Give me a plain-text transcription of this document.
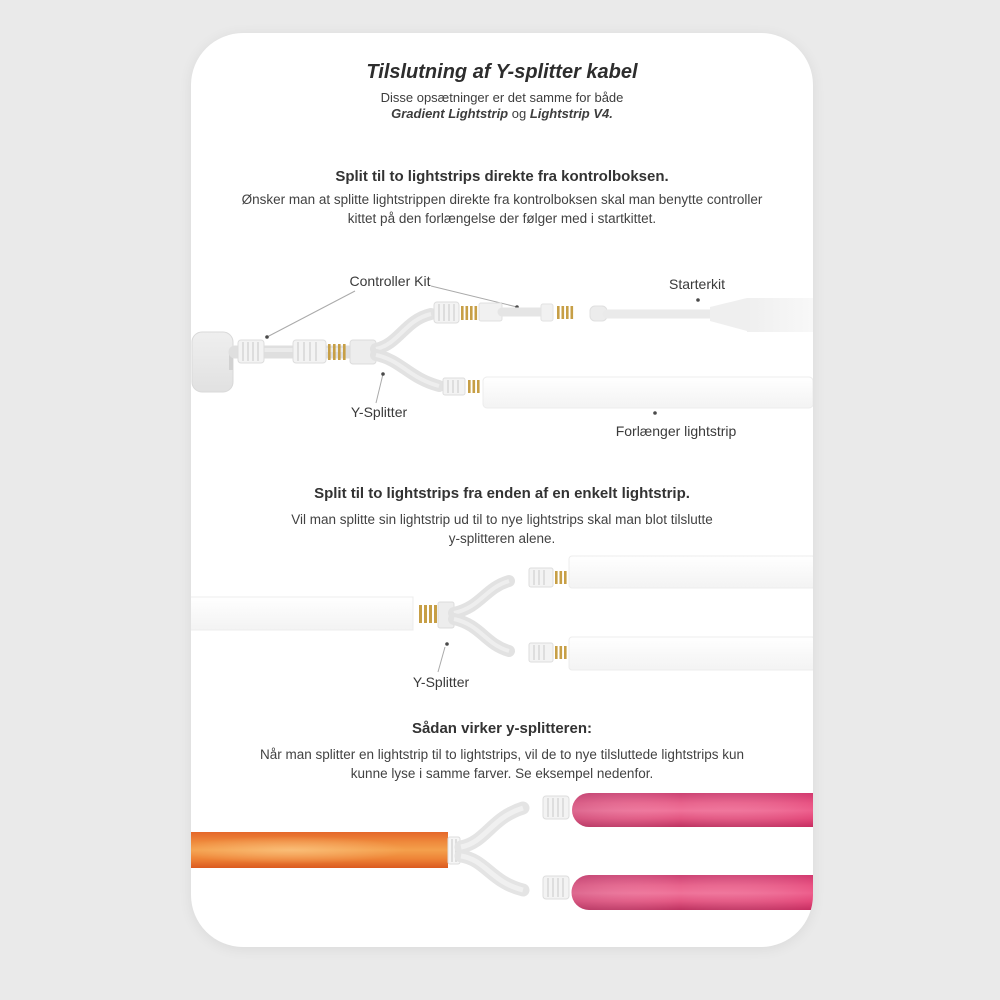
Tilslutning af Y-splitter kabel
Disse opsætninger er det samme for både
Gradient Lightstrip og Lightstrip V4.
Split til to lightstrips direkte fra kontrolboksen.
Ønsker man at splitte lightstrippen direkte fra kontrolboksen skal man benytte controller
kittet på den forlængelse der følger med i startkittet.
Controller Kit	Starterkit
Y-Splitter
Forlænger lightstrip
Split til to lightstrips fra enden af en enkelt lightstrip.
Vil man splitte sin lightstrip ud til to nye lightstrips skal man blot tilslutte
y-splitteren alene.
Y-Splitter
Sådan virker y-splitteren:
Når man splitter en lightstrip til to lightstrips, vil de to nye tilsluttede lightstrips kun
kunne lyse i samme farver. Se eksempel nedenfor.
